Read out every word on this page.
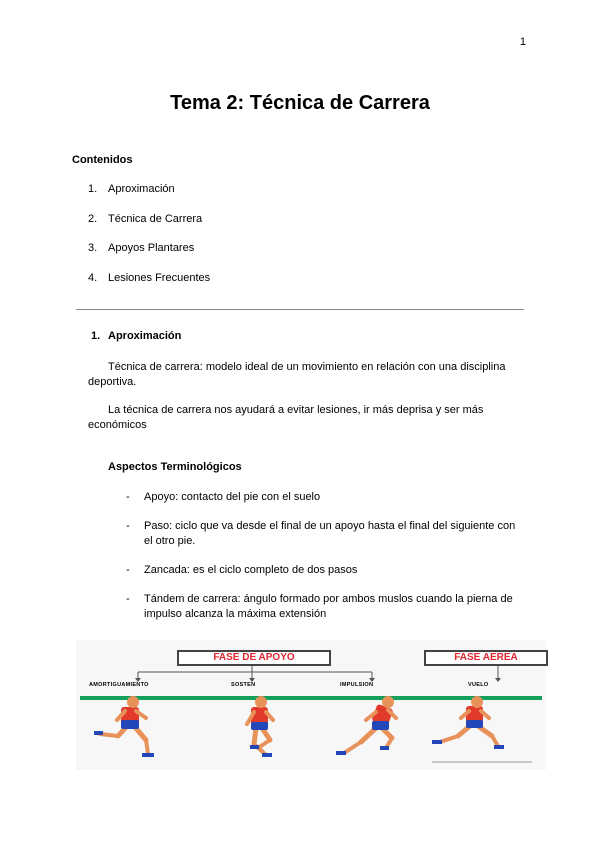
1
Tema 2: Técnica de Carrera
Contenidos
1. Aproximación
2. Técnica de Carrera
3. Apoyos Plantares
4. Lesiones Frecuentes
1. Aproximación

Técnica de carrera: modelo ideal de un movimiento en relación con una disciplina deportiva.

La técnica de carrera nos ayudará a evitar lesiones, ir más deprisa y ser más económicos

Aspectos Terminológicos
- Apoyo: contacto del pie con el suelo
- Paso: ciclo que va desde el final de un apoyo hasta el final del siguiente con el otro pie.
- Zancada: es el ciclo completo de dos pasos
- Tándem de carrera: ángulo formado por ambos muslos cuando la pierna de impulso alcanza la máxima extensión
FASE DE APOYO	FASE AEREA
AMORTIGUAMIENTO	SOSTEN	IMPULSION	VUELO
